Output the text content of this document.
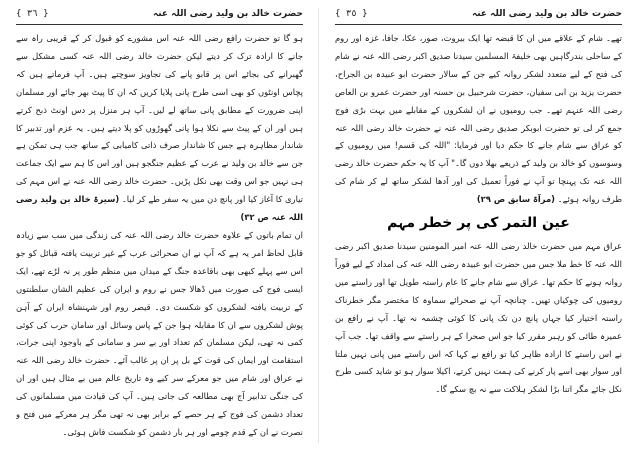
{ ٣٦ }	حضرت خالد بن ولید رضی اللہ عنہ

ہو گا تو حضرت رافع رضی اللہ عنہ اس مشورے کو قبول کر کے قریبی راہ سے جانے کا ارادہ ترک کر دیتے لیکن حضرت خالد رضی اللہ عنہ کسی مشکل سے گھبرانے کی بجائے اس پر قابو پانے کی تجاویز سوچتے ہیں۔ آپ فرماتے ہیں کہ پچاس اونٹوں کو بھی اسی طرح پانی پلایا کریں کہ ان کا پیٹ بھر جائے اور مسلمان اپنی ضرورت کے مطابق پانی ساتھ لے لیں۔ آپ ہر منزل پر دس اونٹ ذبح کرتے ہیں اور ان کے پیٹ سے نکلا ہوا پانی گھوڑوں کو پلا دیتے ہیں۔ یہ عزم اور تدبیر کا شاندار مظاہرہ ہے جس کا شاندار صرف ذاتی کامیابی کے ساتھ جب ہی تمکن ہے جن سے خالد بن ولید نے عرب کے عظیم جنگجو ہیں اور اس کا ہم سے ایک جماعت ہی نہیں جو اس وقت بھی نکل پڑیں۔ حضرت خالد رضی اللہ عنہ نے اس مہم کی تیاری کا آغاز کیا اور پانچ دن میں یہ سفر طے کر لیا۔ (سیرۃ خالد بن ولید رضی اللہ عنہ ص ٣٢)

ان تمام باتوں کے علاوہ حضرت خالد رضی اللہ عنہ کی زندگی میں سب سے زیادہ قابل لحاظ امر یہ ہے کہ آپ نے ان صحرائی عرب کے غیر تربیت یافتہ قبائل کو جو اس سے پہلے کبھی بھی باقاعدہ جنگ کے میدان میں منظم طور پر نہ لڑے تھے، ایک ایسی فوج کی صورت میں ڈھالا جس نے روم و ایران کی عظیم الشان سلطنتوں کے تربیت یافتہ لشکروں کو شکست دی۔ قیصر روم اور شہنشاہ ایران کے آہن پوش لشکروں سے ان کا مقابلہ ہوا جن کے پاس وسائل اور سامان حرب کی کوئی کمی نہ تھی، لیکن مسلمان کم تعداد اور بے سر و سامانی کے باوجود اپنی جرات، استقامت اور ایمان کی قوت کے بل پر ان پر غالب آئے۔ حضرت خالد رضی اللہ عنہ نے عراق اور شام میں جو معرکے سر کیے وہ تاریخ عالم میں بے مثال ہیں اور ان کی جنگی تدابیر آج بھی مطالعہ کی جاتی ہیں۔ آپ کی قیادت میں مسلمانوں کی تعداد دشمن کی فوج کے ہر حصے کے برابر بھی نہ تھی مگر ہر معرکے میں فتح و نصرت نے ان کے قدم چومے اور ہر بار دشمن کو شکست فاش ہوئی۔

{ ٣٥ }	حضرت خالد بن ولید رضی اللہ عنہ

تھے۔ شام کے علاقے میں ان کا قبضہ تھا ایک بیروت، صور، عکا، جافا، غزہ اور روم کے ساحلی بندرگاہیں بھی خلیفۃ المسلمین سیدنا صدیق اکبر رضی اللہ عنہ نے شام کی فتح کے لیے متعدد لشکر روانہ کیے جن کے سالار حضرت ابو عبیدہ بن الجراح، حضرت یزید بن ابی سفیان، حضرت شرحبیل بن حسنہ اور حضرت عمرو بن العاص رضی اللہ عنہم تھے۔ جب رومیوں نے ان لشکروں کے مقابلے میں بہت بڑی فوج جمع کر لی تو حضرت ابوبکر صدیق رضی اللہ عنہ نے حضرت خالد رضی اللہ عنہ کو عراق سے شام جانے کا حکم دیا اور فرمایا: "اللہ کی قسم! میں رومیوں کے وسوسوں کو خالد بن ولید کے ذریعے بھلا دوں گا۔" آپ کا یہ حکم حضرت خالد رضی اللہ عنہ تک پہنچا تو آپ نے فوراً تعمیل کی اور آدھا لشکر ساتھ لے کر شام کی طرف روانہ ہوئے۔ (مرآۃ سابق ص ٢٩)

عین التمر کی پر خطر مہم

عراق مہم میں حضرت خالد رضی اللہ عنہ امیر المومنین سیدنا صدیق اکبر رضی اللہ عنہ کا خط ملا جس میں حضرت ابو عبیدہ رضی اللہ عنہ کی امداد کے لیے فوراً روانہ ہونے کا حکم تھا۔ عراق سے شام جانے کا عام راستہ طویل تھا اور راستے میں رومیوں کی چوکیاں تھیں۔ چنانچہ آپ نے صحرائے سماوہ کا مختصر مگر خطرناک راستہ اختیار کیا جہاں پانچ دن تک پانی کا کوئی چشمہ نہ تھا۔ آپ نے رافع بن عمیرہ طائی کو رہبر مقرر کیا جو اس صحرا کے ہر راستے سے واقف تھا۔ جب آپ نے اس راستے کا ارادہ ظاہر کیا تو رافع نے کہا کہ اس راستے میں پانی نہیں ملتا اور سوار بھی اسے پار کرنے کی ہمت نہیں کرتے، اکیلا سوار ہو تو شاید کسی طرح نکل جائے مگر اتنا بڑا لشکر ہلاکت سے نہ بچ سکے گا۔
